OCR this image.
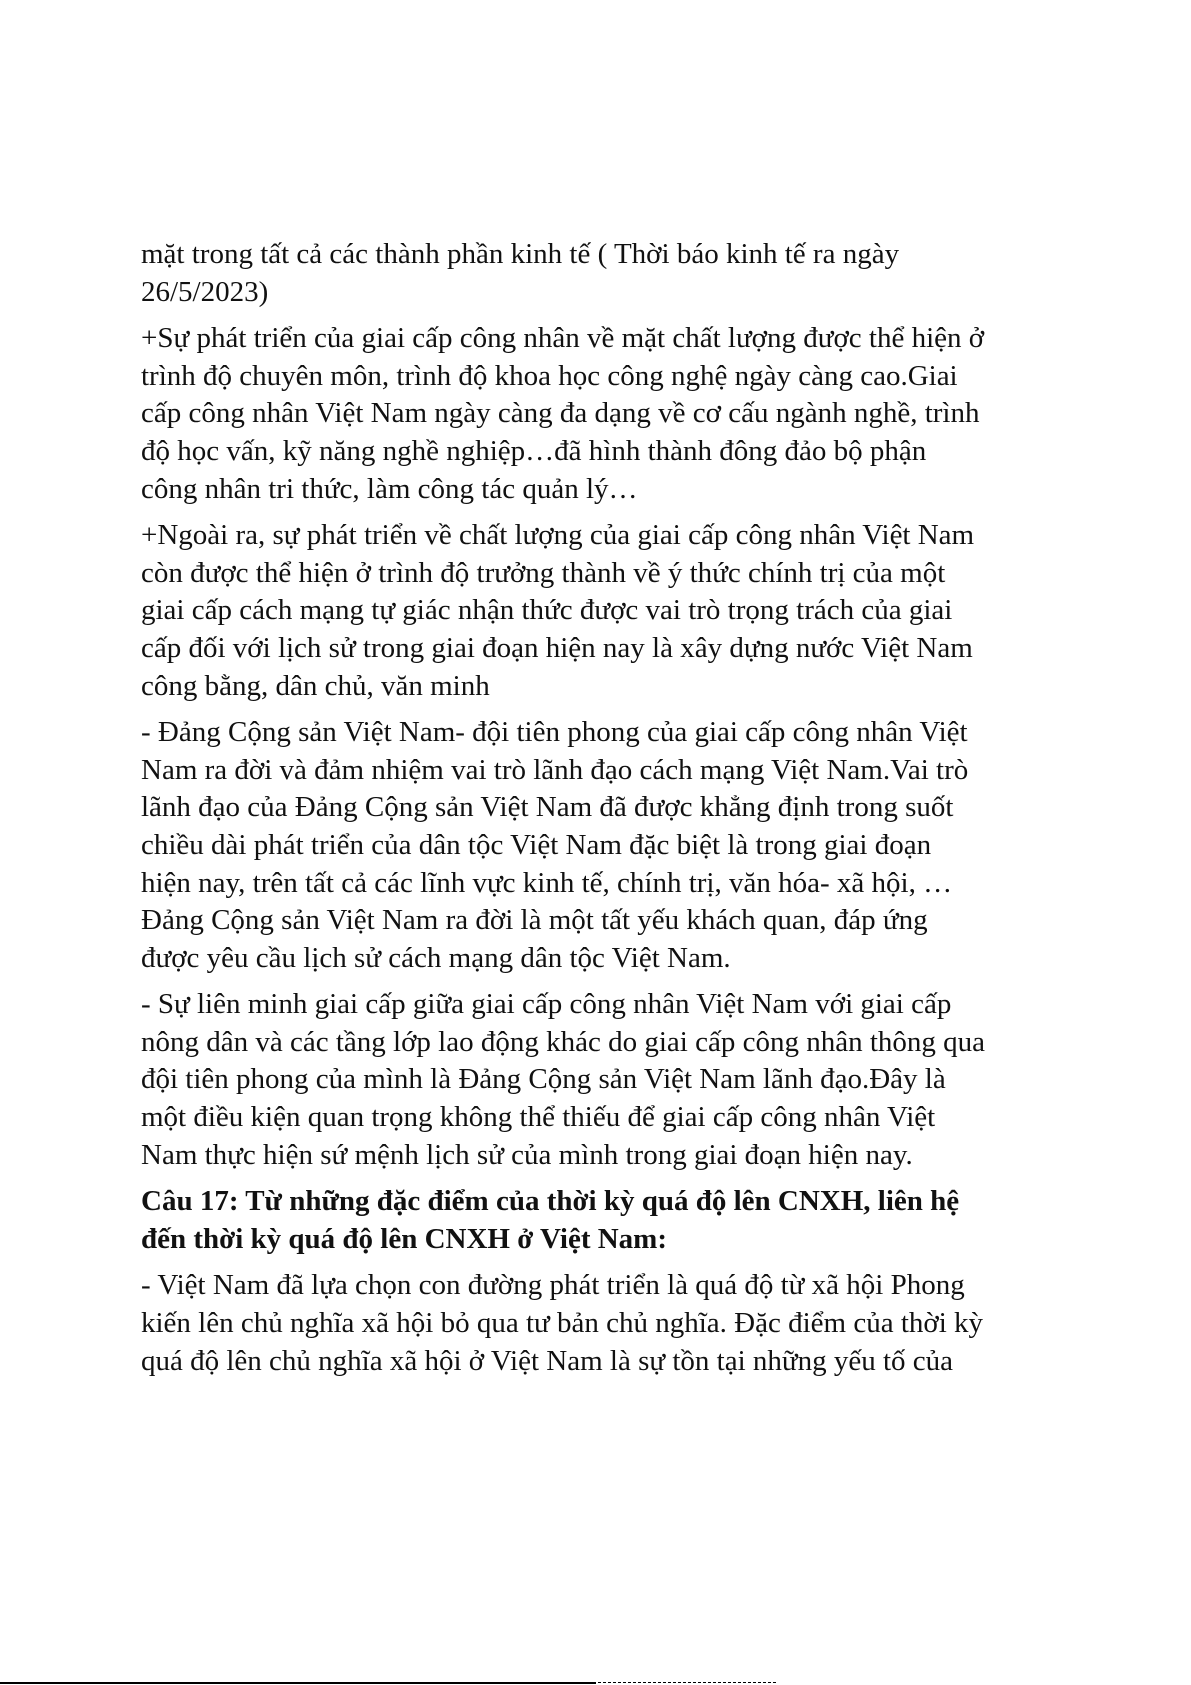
mặt trong tất cả các thành phần kinh tế ( Thời báo kinh tế ra ngày
26/5/2023)

+Sự phát triển của giai cấp công nhân về mặt chất lượng được thể hiện ở
trình độ chuyên môn, trình độ khoa học công nghệ ngày càng cao.Giai
cấp công nhân Việt Nam ngày càng đa dạng về cơ cấu ngành nghề, trình
độ học vấn, kỹ năng nghề nghiệp…đã hình thành đông đảo bộ phận
công nhân tri thức, làm công tác quản lý…

+Ngoài ra, sự phát triển về chất lượng của giai cấp công nhân Việt Nam
còn được thể hiện ở trình độ trưởng thành về ý thức chính trị của một
giai cấp cách mạng tự giác nhận thức được vai trò trọng trách của giai
cấp đối với lịch sử trong giai đoạn hiện nay là xây dựng nước Việt Nam
công bằng, dân chủ, văn minh

- Đảng Cộng sản Việt Nam- đội tiên phong của giai cấp công nhân Việt
Nam ra đời và đảm nhiệm vai trò lãnh đạo cách mạng Việt Nam.Vai trò
lãnh đạo của Đảng Cộng sản Việt Nam đã được khẳng định trong suốt
chiều dài phát triển của dân tộc Việt Nam đặc biệt là trong giai đoạn
hiện nay, trên tất cả các lĩnh vực kinh tế, chính trị, văn hóa- xã hội, …
Đảng Cộng sản Việt Nam ra đời là một tất yếu khách quan, đáp ứng
được yêu cầu lịch sử cách mạng dân tộc Việt Nam.

- Sự liên minh giai cấp giữa giai cấp công nhân Việt Nam với giai cấp
nông dân và các tầng lớp lao động khác do giai cấp công nhân thông qua
đội tiên phong của mình là Đảng Cộng sản Việt Nam lãnh đạo.Đây là
một điều kiện quan trọng không thể thiếu để giai cấp công nhân Việt
Nam thực hiện sứ mệnh lịch sử của mình trong giai đoạn hiện nay.

Câu 17: Từ những đặc điểm của thời kỳ quá độ lên CNXH, liên hệ
đến thời kỳ quá độ lên CNXH ở Việt Nam:

- Việt Nam đã lựa chọn con đường phát triển là quá độ từ xã hội Phong
kiến lên chủ nghĩa xã hội bỏ qua tư bản chủ nghĩa. Đặc điểm của thời kỳ
quá độ lên chủ nghĩa xã hội ở Việt Nam là sự tồn tại những yếu tố của
